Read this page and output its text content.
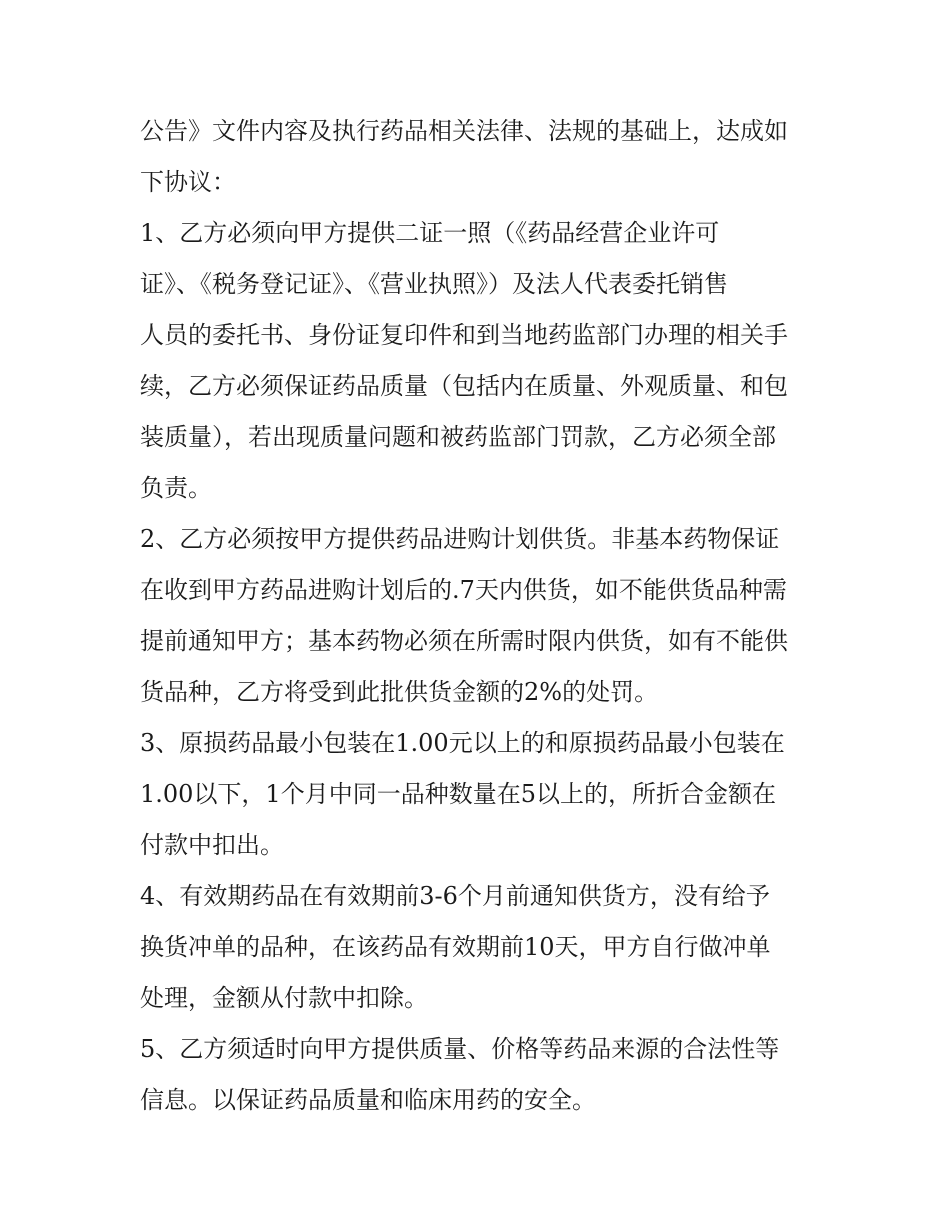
公告》文件内容及执行药品相关法律、法规的基础上，达成如
下协议：
1、乙方必须向甲方提供二证一照（《药品经营企业许可
证》、《税务登记证》、《营业执照》）及法人代表委托销售
人员的委托书、身份证复印件和到当地药监部门办理的相关手
续，乙方必须保证药品质量（包括内在质量、外观质量、和包
装质量），若出现质量问题和被药监部门罚款，乙方必须全部
负责。
2、乙方必须按甲方提供药品进购计划供货。非基本药物保证
在收到甲方药品进购计划后的.7天内供货，如不能供货品种需
提前通知甲方；基本药物必须在所需时限内供货，如有不能供
货品种，乙方将受到此批供货金额的2%的处罚。
3、原损药品最小包装在1.00元以上的和原损药品最小包装在
1.00以下，1个月中同一品种数量在5以上的，所折合金额在
付款中扣出。
4、有效期药品在有效期前3-6个月前通知供货方，没有给予
换货冲单的品种，在该药品有效期前10天，甲方自行做冲单
处理，金额从付款中扣除。
5、乙方须适时向甲方提供质量、价格等药品来源的合法性等
信息。以保证药品质量和临床用药的安全。
